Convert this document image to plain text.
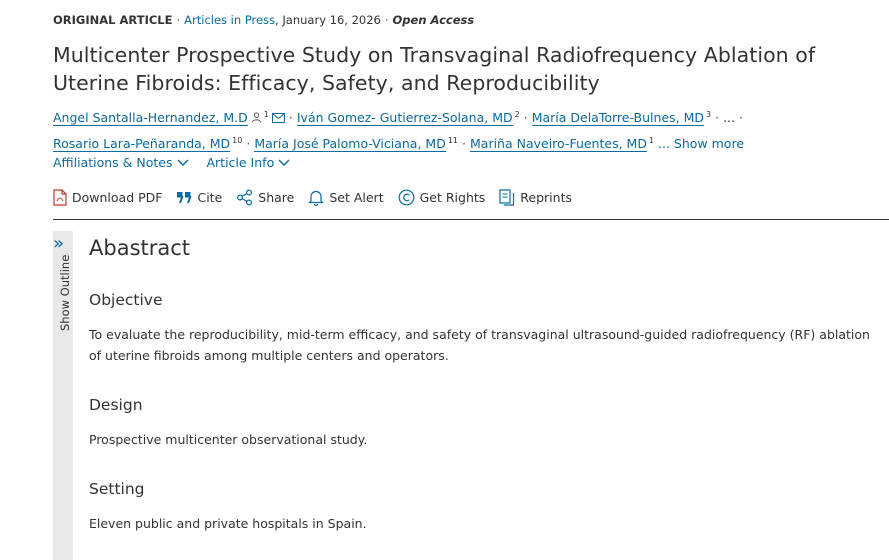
ORIGINAL ARTICLE · Articles in Press, January 16, 2026 · Open Access
Multicenter Prospective Study on Transvaginal Radiofrequency Ablation of Uterine Fibroids: Efficacy, Safety, and Reproducibility
Angel Santalla-Hernandez, M.D $^1$ · Iván Gomez- Gutierrez-Solana, MD $^2$ · María DelaTorre-Bulnes, MD $^3$ · ... ·
Rosario Lara-Peñaranda, MD $^{10}$ · María José Palomo-Viciana, MD $^{11}$ · Mariña Naveiro-Fuentes, MD $^1$ ... Show more
Affiliations & Notes
	Article Info
Download PDF	Cite	Share	Set Alert	Get Rights	Reprints
»
Show Outline
Abastract
Objective

To evaluate the reproducibility, mid-term efficacy, and safety of transvaginal ultrasound-guided radiofrequency (RF) ablation of uterine fibroids among multiple centers and operators.

Design

Prospective multicenter observational study.

Setting

Eleven public and private hospitals in Spain.
